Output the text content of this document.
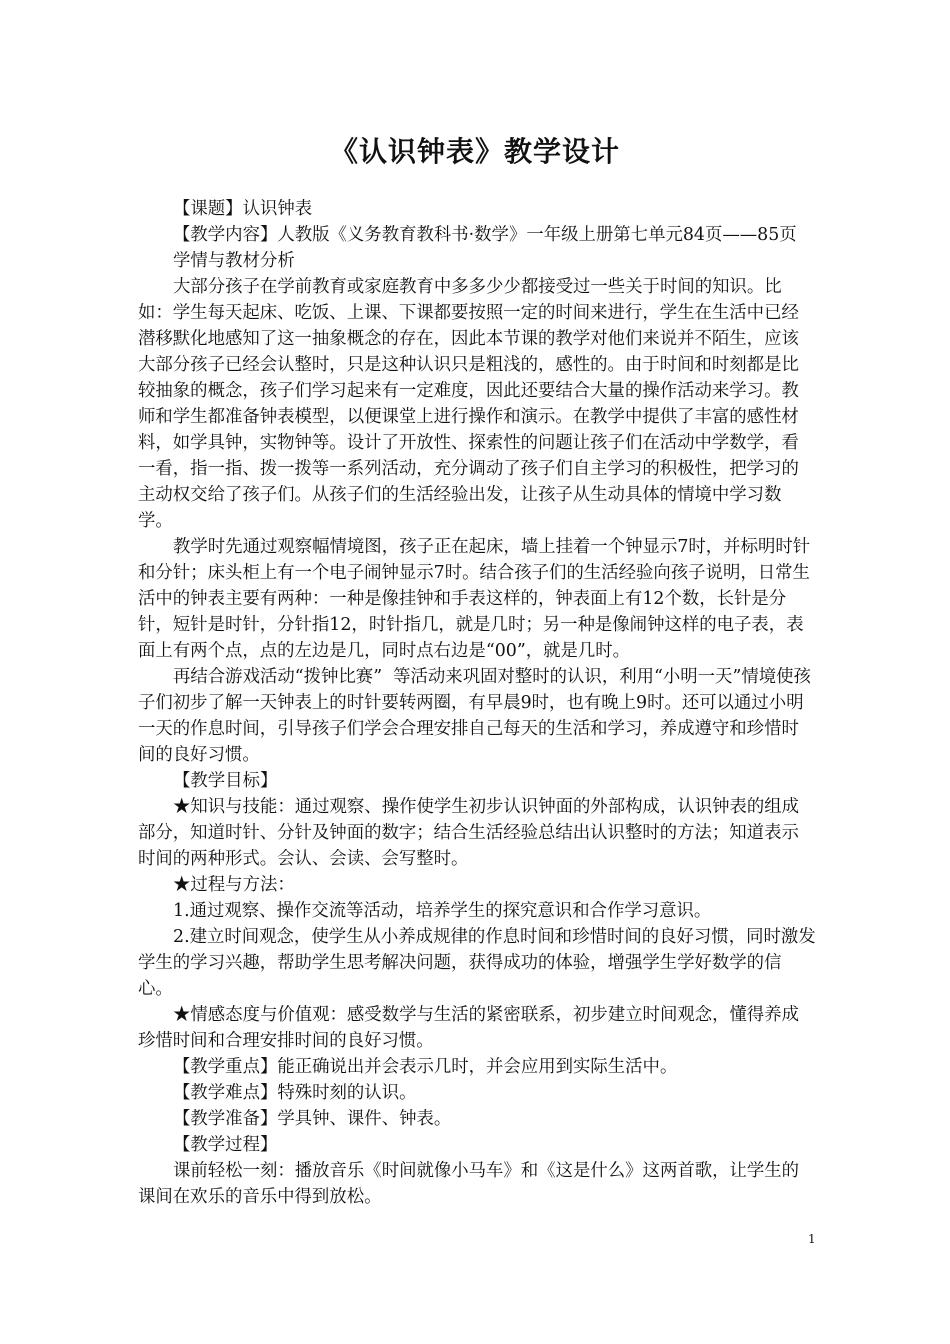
《认识钟表》教学设计

【课题】认识钟表

【教学内容】人教版《义务教育教科书·数学》一年级上册第七单元84页——85页

学情与教材分析

大部分孩子在学前教育或家庭教育中多多少少都接受过一些关于时间的知识。比如：学生每天起床、吃饭、上课、下课都要按照一定的时间来进行，学生在生活中已经潜移默化地感知了这一抽象概念的存在，因此本节课的教学对他们来说并不陌生，应该大部分孩子已经会认整时，只是这种认识只是粗浅的，感性的。由于时间和时刻都是比较抽象的概念，孩子们学习起来有一定难度，因此还要结合大量的操作活动来学习。教师和学生都准备钟表模型，以便课堂上进行操作和演示。在教学中提供了丰富的感性材料，如学具钟，实物钟等。设计了开放性、探索性的问题让孩子们在活动中学数学，看一看，指一指、拨一拨等一系列活动，充分调动了孩子们自主学习的积极性，把学习的主动权交给了孩子们。从孩子们的生活经验出发，让孩子从生动具体的情境中学习数学。

教学时先通过观察幅情境图，孩子正在起床，墙上挂着一个钟显示7时，并标明时针和分针；床头柜上有一个电子闹钟显示7时。结合孩子们的生活经验向孩子说明，日常生活中的钟表主要有两种：一种是像挂钟和手表这样的，钟表面上有12个数，长针是分针，短针是时针，分针指12，时针指几，就是几时；另一种是像闹钟这样的电子表，表面上有两个点，点的左边是几，同时点右边是“00”，就是几时。

再结合游戏活动“拨钟比赛”  等活动来巩固对整时的认识，利用“小明一天”情境使孩子们初步了解一天钟表上的时针要转两圈，有早晨9时，也有晚上9时。还可以通过小明一天的作息时间，引导孩子们学会合理安排自己每天的生活和学习，养成遵守和珍惜时间的良好习惯。

【教学目标】

★知识与技能：通过观察、操作使学生初步认识钟面的外部构成，认识钟表的组成部分，知道时针、分针及钟面的数字；结合生活经验总结出认识整时的方法；知道表示时间的两种形式。会认、会读、会写整时。

★过程与方法：

1.通过观察、操作交流等活动，培养学生的探究意识和合作学习意识。

2.建立时间观念，使学生从小养成规律的作息时间和珍惜时间的良好习惯，同时激发学生的学习兴趣，帮助学生思考解决问题，获得成功的体验，增强学生学好数学的信心。

★情感态度与价值观：感受数学与生活的紧密联系，初步建立时间观念，懂得养成珍惜时间和合理安排时间的良好习惯。

【教学重点】能正确说出并会表示几时，并会应用到实际生活中。

【教学难点】特殊时刻的认识。

【教学准备】学具钟、课件、钟表。

【教学过程】

课前轻松一刻：播放音乐《时间就像小马车》和《这是什么》这两首歌，让学生的课间在欢乐的音乐中得到放松。

1
